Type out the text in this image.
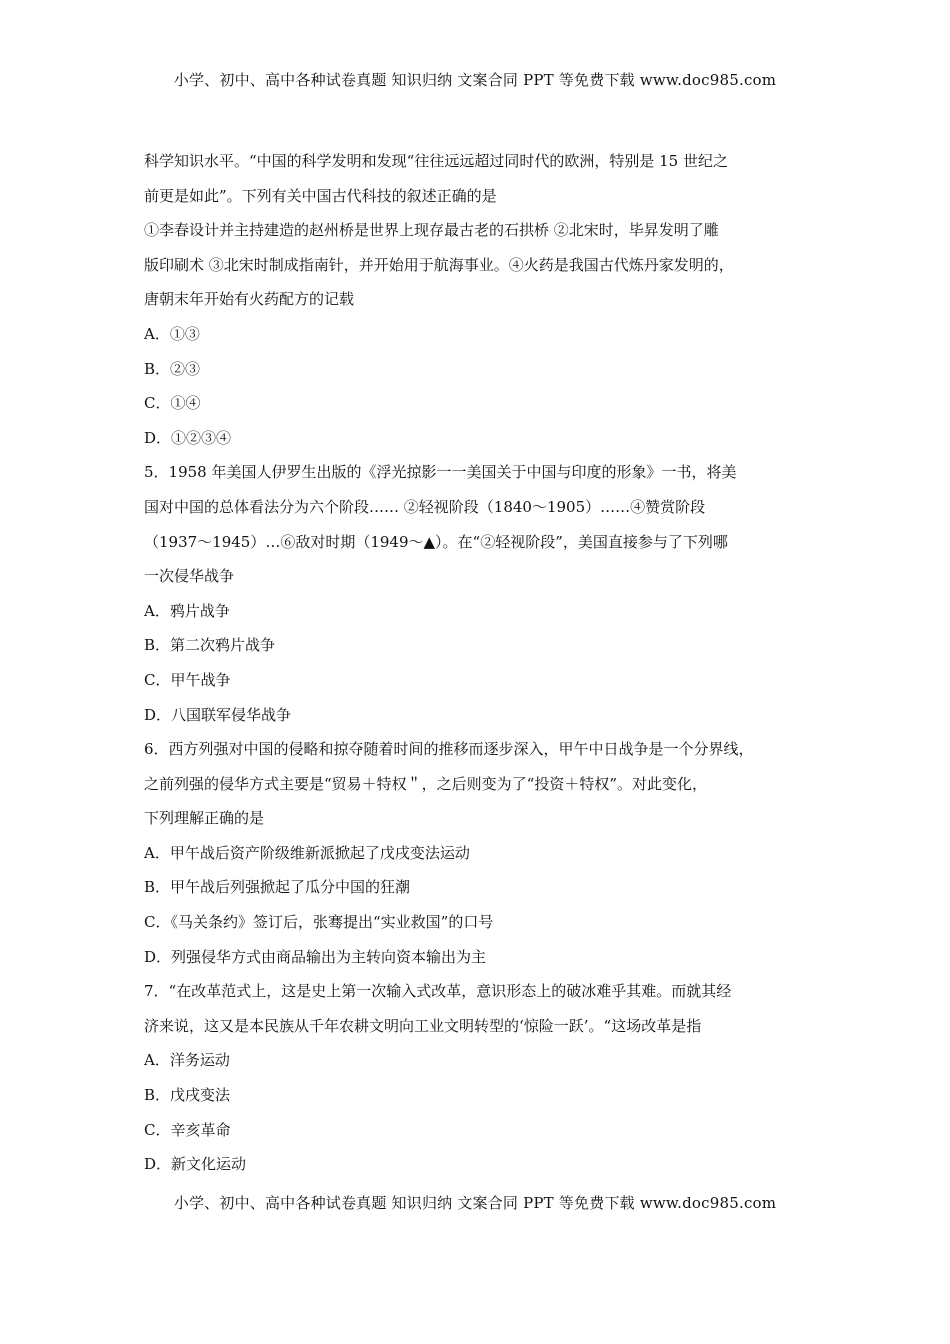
小学、初中、高中各种试卷真题 知识归纳 文案合同 PPT 等免费下载 www.doc985.com
科学知识水平。“中国的科学发明和发现“往往远远超过同时代的欧洲，特别是 15 世纪之
前更是如此”。下列有关中国古代科技的叙述正确的是
①李春设计并主持建造的赵州桥是世界上现存最古老的石拱桥 ②北宋时，毕昇发明了雕
版印刷术 ③北宋时制成指南针，并开始用于航海事业。④火药是我国古代炼丹家发明的，
唐朝末年开始有火药配方的记载
A．①③
B．②③
C．①④
D．①②③④
5．1958 年美国人伊罗生出版的《浮光掠影一一美国关于中国与印度的形象》一书，将美
国对中国的总体看法分为六个阶段…… ②轻视阶段（1840～1905）……④赞赏阶段
（1937～1945）…⑥敌对时期（1949～▲）。在“②轻视阶段”，美国直接参与了下列哪
一次侵华战争
A．鸦片战争
B．第二次鸦片战争
C．甲午战争
D．八国联军侵华战争
6．西方列强对中国的侵略和掠夺随着时间的推移而逐步深入，甲午中日战争是一个分界线，
之前列强的侵华方式主要是“贸易＋特权＂，之后则变为了“投资＋特权”。对此变化，
下列理解正确的是
A．甲午战后资产阶级维新派掀起了戊戌变法运动
B．甲午战后列强掀起了瓜分中国的狂潮
C．《马关条约》签订后，张骞提出“实业救国”的口号
D．列强侵华方式由商品输出为主转向资本输出为主
7．“在改革范式上，这是史上第一次输入式改革，意识形态上的破冰难乎其难。而就其经
济来说，这又是本民族从千年农耕文明向工业文明转型的‘惊险一跃’。“这场改革是指
A．洋务运动
B．戊戌变法
C．辛亥革命
D．新文化运动
小学、初中、高中各种试卷真题 知识归纳 文案合同 PPT 等免费下载 www.doc985.com
